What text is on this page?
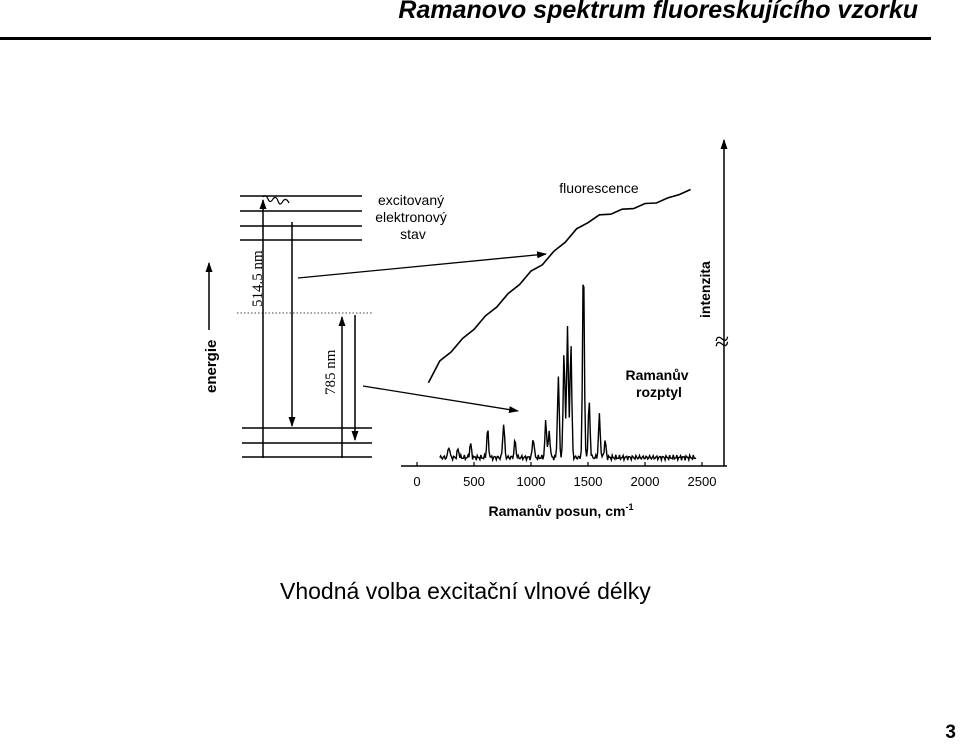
Ramanovo spektrum fluoreskujícího vzorku
energie
514.5 nm
785 nm
excitovaný elektronový stav
0	500 1000 1500 2000 2500
fluorescence
Ramanův rozptyl
intenzita
≈
Ramanův posun, $cm^{-1}$
Vhodná volba excitační vlnové délky
3
